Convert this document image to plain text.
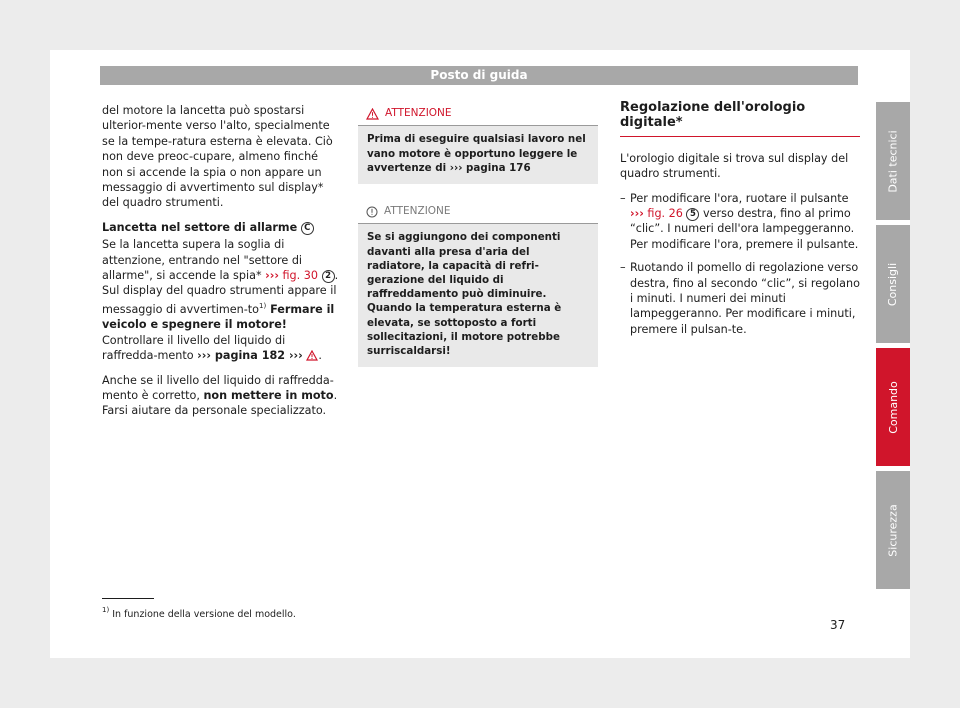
Posto di guida

del motore la lancetta può spostarsi ulterior-mente verso l'alto, specialmente se la tempe-ratura esterna è elevata. Ciò non deve preoc-cupare, almeno finché non si accende la spia o non appare un messaggio di avvertimento sul display* del quadro strumenti.

Lancetta nel settore di allarme C

Se la lancetta supera la soglia di attenzione, entrando nel "settore di allarme", si accende la spia* ››› fig. 30 2 . Sul display del quadro strumenti appare il messaggio di avvertimen-$to^{1)}$ Fermare il veicolo e spegnere il motore! Controllare il livello del liquido di raffredda-mento ››› pagina 182 ››› .

Anche se il livello del liquido di raffredda-mento è corretto, non mettere in moto. Farsi aiutare da personale specializzato.

ATTENZIONE
Prima di eseguire qualsiasi lavoro nel vano motore è opportuno leggere le avvertenze di ››› pagina 176
ATTENZIONE
Se si aggiungono dei componenti davanti alla presa d'aria del radiatore, la capacità di refri-gerazione del liquido di raffreddamento può diminuire. Quando la temperatura esterna è elevata, se sottoposto a forti sollecitazioni, il motore potrebbe surriscaldarsi!
Regolazione dell'orologio digitale*

L'orologio digitale si trova sul display del quadro strumenti.

– Per modificare l'ora, ruotare il pulsante
››› fig. 26 5 verso destra, fino al primo “clic”. I numeri dell'ora lampeggeranno. Per modificare l'ora, premere il pulsante.
– Ruotando il pomello di regolazione verso destra, fino al secondo “clic”, si regolano i minuti. I numeri dei minuti lampeggeranno. Per modificare i minuti, premere il pulsan-te.
$^{1)}$ In funzione della versione del modello.
37
Dati tecnici
Consigli
Comando
Sicurezza
